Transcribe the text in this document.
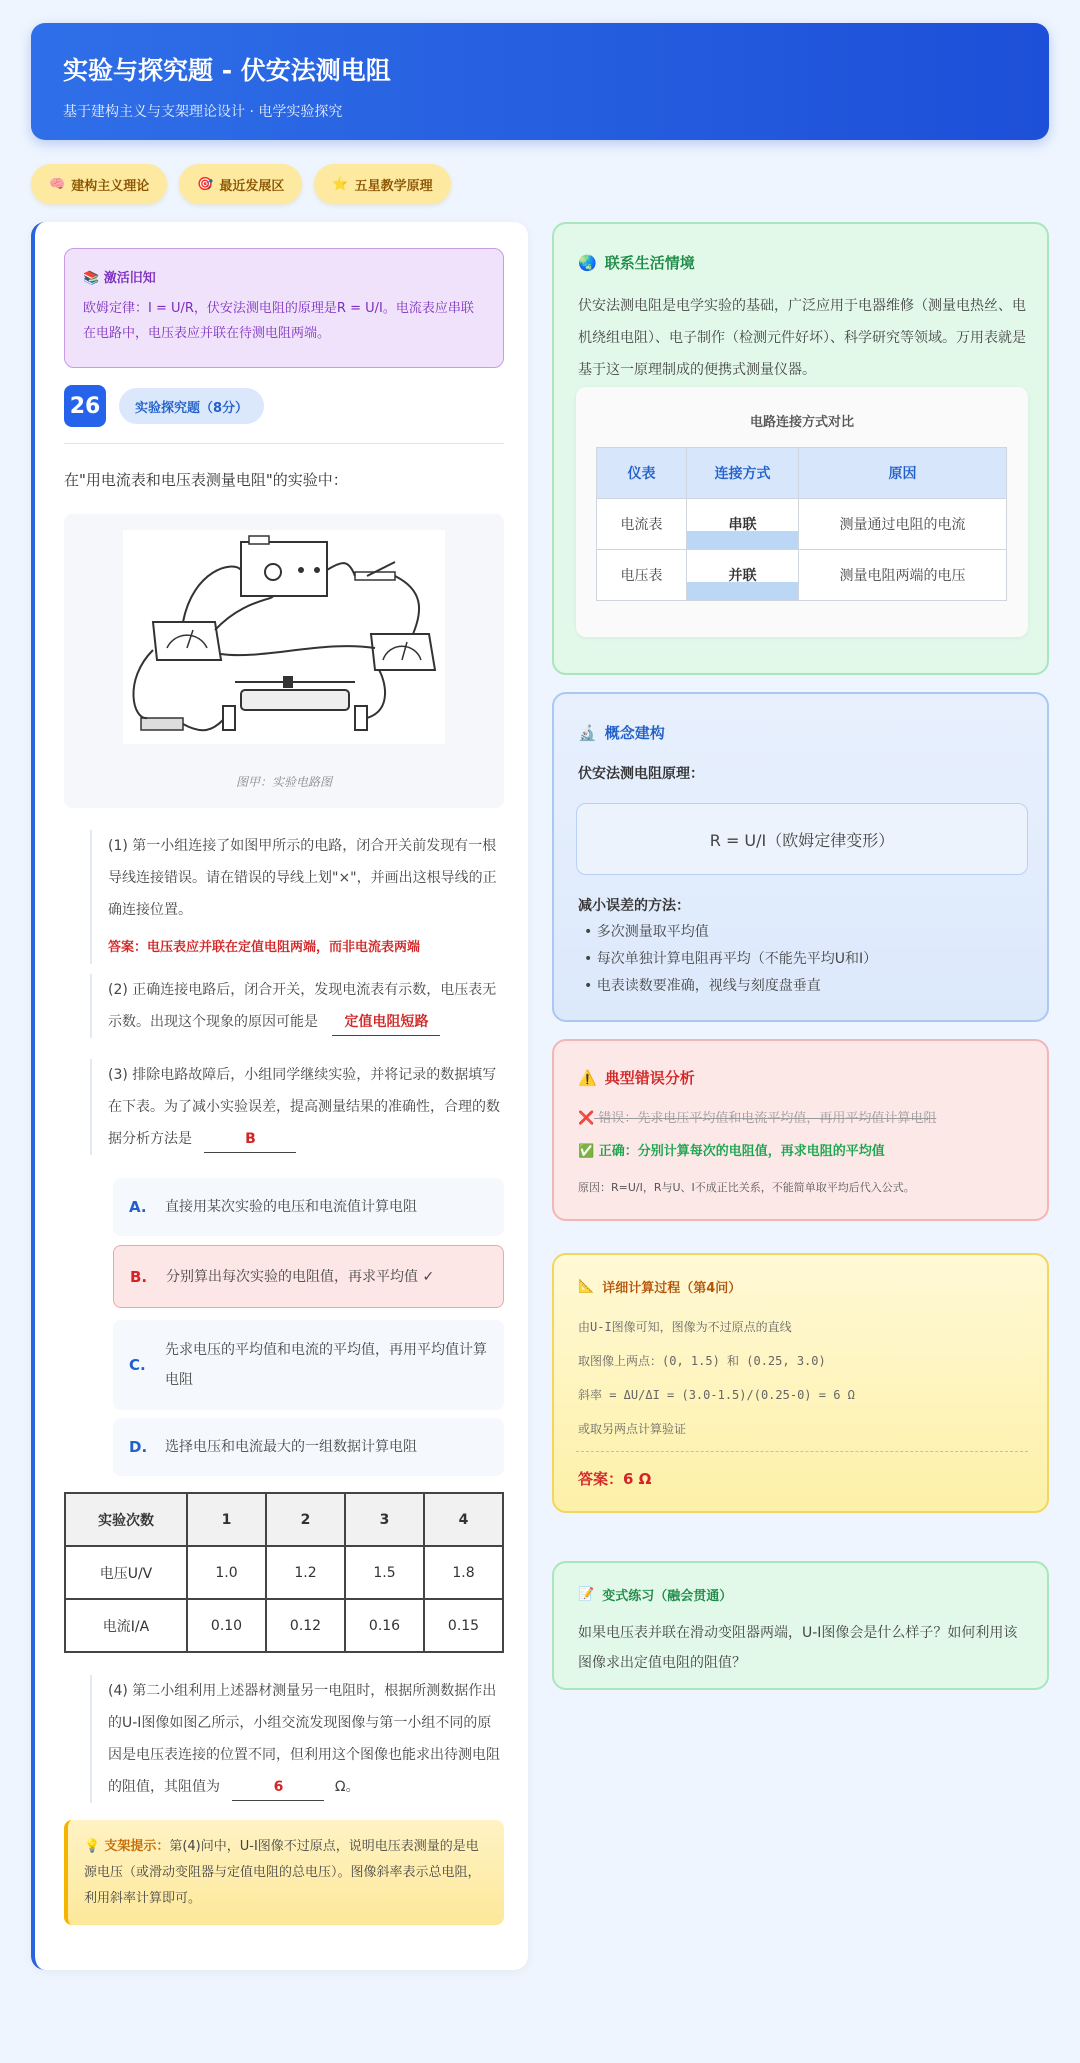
实验与探究题 - 伏安法测电阻
基于建构主义与支架理论设计 · 电学实验探究
🧠 建构主义理论	🎯 最近发展区	⭐ 五星教学原理
📚 激活旧知
欧姆定律：I = U/R，伏安法测电阻的原理是R = U/I。电流表应串联在电路中，电压表应并联在待测电阻两端。
26	实验探究题（8分）
在"用电流表和电压表测量电阻"的实验中：
图甲：实验电路图
(1) 第一小组连接了如图甲所示的电路，闭合开关前发现有一根导线连接错误。请在错误的导线上划"×"，并画出这根导线的正确连接位置。
答案：电压表应并联在定值电阻两端，而非电流表两端
(2) 正确连接电路后，闭合开关，发现电流表有示数，电压表无示数。出现这个现象的原因可能是 定值电阻短路
(3) 排除电路故障后，小组同学继续实验，并将记录的数据填写在下表。为了减小实验误差，提高测量结果的准确性，合理的数据分析方法是	B
A.	直接用某次实验的电压和电流值计算电阻
B.	分别算出每次实验的电阻值，再求平均值 ✓
C.
先求电压的平均值和电流的平均值，再用平均值计算电阻
D.	选择电压和电流最大的一组数据计算电阻
实验次数	1	2	3	4
电压U/V	1.0	1.2	1.5	1.8
电流I/A	0.10	0.12	0.16	0.15
(4) 第二小组利用上述器材测量另一电阻时，根据所测数据作出的U-I图像如图乙所示，小组交流发现图像与第一小组不同的原因是电压表连接的位置不同，但利用这个图像也能求出待测电阻的阻值，其阻值为	6	Ω。
💡 支架提示：第(4)问中，U-I图像不过原点，说明电压表测量的是电源电压（或滑动变阻器与定值电阻的总电压）。图像斜率表示总电阻，利用斜率计算即可。
🌏 联系生活情境
伏安法测电阻是电学实验的基础，广泛应用于电器维修（测量电热丝、电机绕组电阻）、电子制作（检测元件好坏）、科学研究等领域。万用表就是基于这一原理制成的便携式测量仪器。
电路连接方式对比
仪表	连接方式	原因
电流表	串联	测量通过电阻的电流
电压表	并联	测量电阻两端的电压
🔬 概念建构
伏安法测电阻原理：
R = U/I（欧姆定律变形）
减小误差的方法：
• 多次测量取平均值
• 每次单独计算电阻再平均（不能先平均U和I）
• 电表读数要准确，视线与刻度盘垂直
⚠️ 典型错误分析
❌ 错误：先求电压平均值和电流平均值，再用平均值计算电阻
✅ 正确：分别计算每次的电阻值，再求电阻的平均值
原因：R=U/I，R与U、I不成正比关系，不能简单取平均后代入公式。
📐 详细计算过程（第4问）
由U-I图像可知，图像为不过原点的直线
取图像上两点：(0, 1.5) 和 (0.25, 3.0)
斜率 = ΔU/ΔI = (3.0-1.5)/(0.25-0) = 6 Ω
或取另两点计算验证
答案：6 Ω
📝 变式练习（融会贯通）
如果电压表并联在滑动变阻器两端，U-I图像会是什么样子？如何利用该图像求出定值电阻的阻值？
